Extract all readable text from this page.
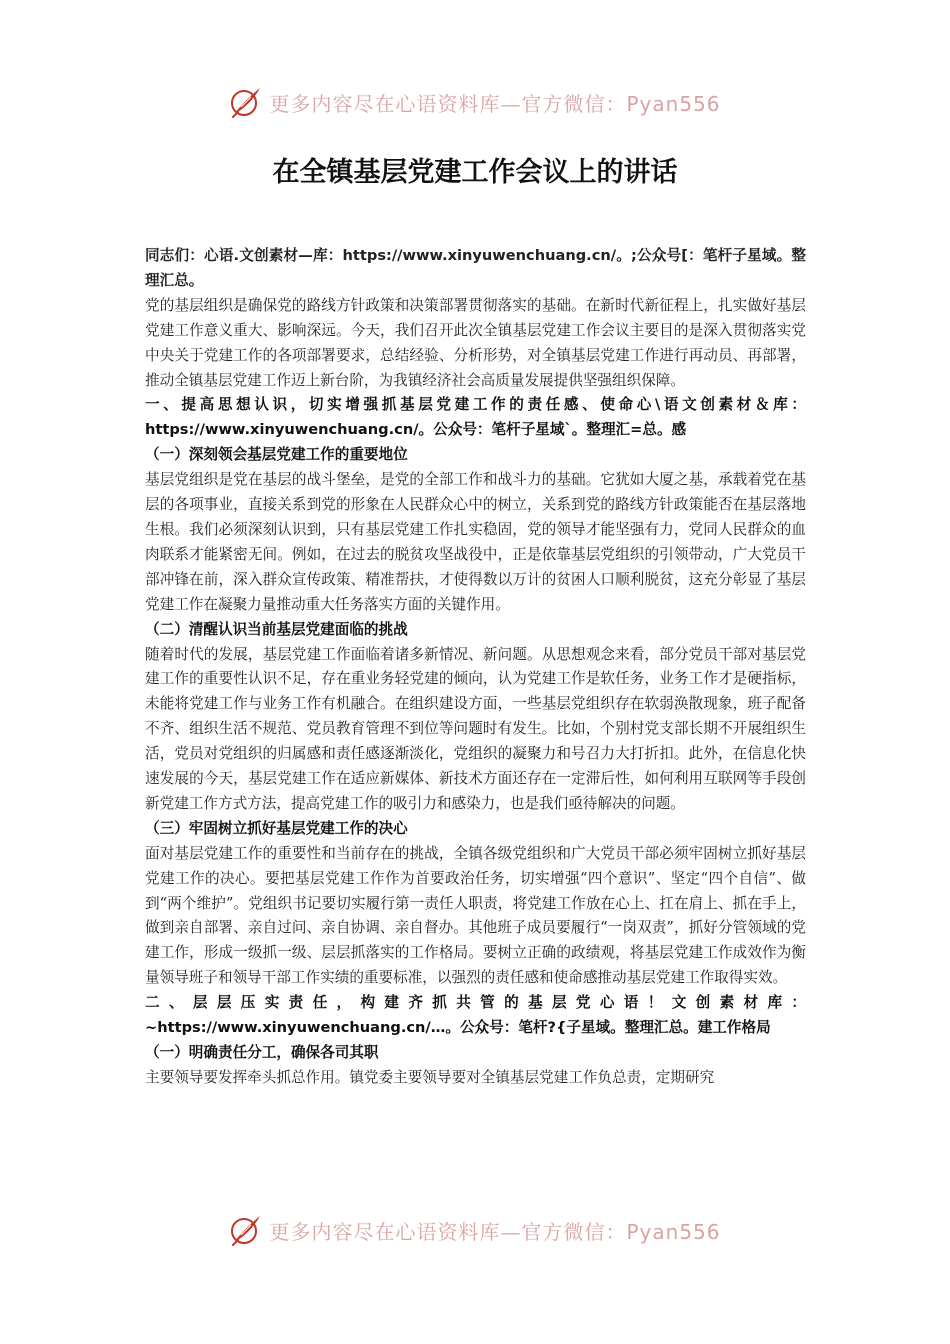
更多内容尽在心语资料库—官方微信：Pyan556
在全镇基层党建工作会议上的讲话

同志们：心语.文创素材—库：https://www.xinyuwenchuang.cn/。;公众号[：笔杆子星域。整理汇总。

党的基层组织是确保党的路线方针政策和决策部署贯彻落实的基础。在新时代新征程上，扎实做好基层党建工作意义重大、影响深远。今天，我们召开此次全镇基层党建工作会议主要目的是深入贯彻落实党中央关于党建工作的各项部署要求，总结经验、分析形势，对全镇基层党建工作进行再动员、再部署，推动全镇基层党建工作迈上新台阶，为我镇经济社会高质量发展提供坚强组织保障。

一、提高思想认识，切实增强抓基层党建工作的责任感、使命心\语文创素材＆库：https://www.xinyuwenchuang.cn/。公众号：笔杆子星域`。整理汇=总。感

（一）深刻领会基层党建工作的重要地位

基层党组织是党在基层的战斗堡垒，是党的全部工作和战斗力的基础。它犹如大厦之基，承载着党在基层的各项事业，直接关系到党的形象在人民群众心中的树立，关系到党的路线方针政策能否在基层落地生根。我们必须深刻认识到，只有基层党建工作扎实稳固，党的领导才能坚强有力，党同人民群众的血肉联系才能紧密无间。例如，在过去的脱贫攻坚战役中，正是依靠基层党组织的引领带动，广大党员干部冲锋在前，深入群众宣传政策、精准帮扶，才使得数以万计的贫困人口顺利脱贫，这充分彰显了基层党建工作在凝聚力量推动重大任务落实方面的关键作用。

（二）清醒认识当前基层党建面临的挑战

随着时代的发展，基层党建工作面临着诸多新情况、新问题。从思想观念来看，部分党员干部对基层党建工作的重要性认识不足，存在重业务轻党建的倾向，认为党建工作是软任务，业务工作才是硬指标，未能将党建工作与业务工作有机融合。在组织建设方面，一些基层党组织存在软弱涣散现象，班子配备不齐、组织生活不规范、党员教育管理不到位等问题时有发生。比如，个别村党支部长期不开展组织生活，党员对党组织的归属感和责任感逐渐淡化，党组织的凝聚力和号召力大打折扣。此外，在信息化快速发展的今天，基层党建工作在适应新媒体、新技术方面还存在一定滞后性，如何利用互联网等手段创新党建工作方式方法，提高党建工作的吸引力和感染力，也是我们亟待解决的问题。

（三）牢固树立抓好基层党建工作的决心

面对基层党建工作的重要性和当前存在的挑战，全镇各级党组织和广大党员干部必须牢固树立抓好基层党建工作的决心。要把基层党建工作作为首要政治任务，切实增强“四个意识”、坚定“四个自信”、做到“两个维护”。党组织书记要切实履行第一责任人职责，将党建工作放在心上、扛在肩上、抓在手上，做到亲自部署、亲自过问、亲自协调、亲自督办。其他班子成员要履行“一岗双责”，抓好分管领域的党建工作，形成一级抓一级、层层抓落实的工作格局。要树立正确的政绩观，将基层党建工作成效作为衡量领导班子和领导干部工作实绩的重要标准，以强烈的责任感和使命感推动基层党建工作取得实效。

二、层层压实责任，构建齐抓共管的基层党心语！文创素材库：~https://www.xinyuwenchuang.cn/…。公众号：笔杆?{子星域。整理汇总。建工作格局

（一）明确责任分工，确保各司其职

主要领导要发挥牵头抓总作用。镇党委主要领导要对全镇基层党建工作负总责，定期研究

更多内容尽在心语资料库—官方微信：Pyan556
